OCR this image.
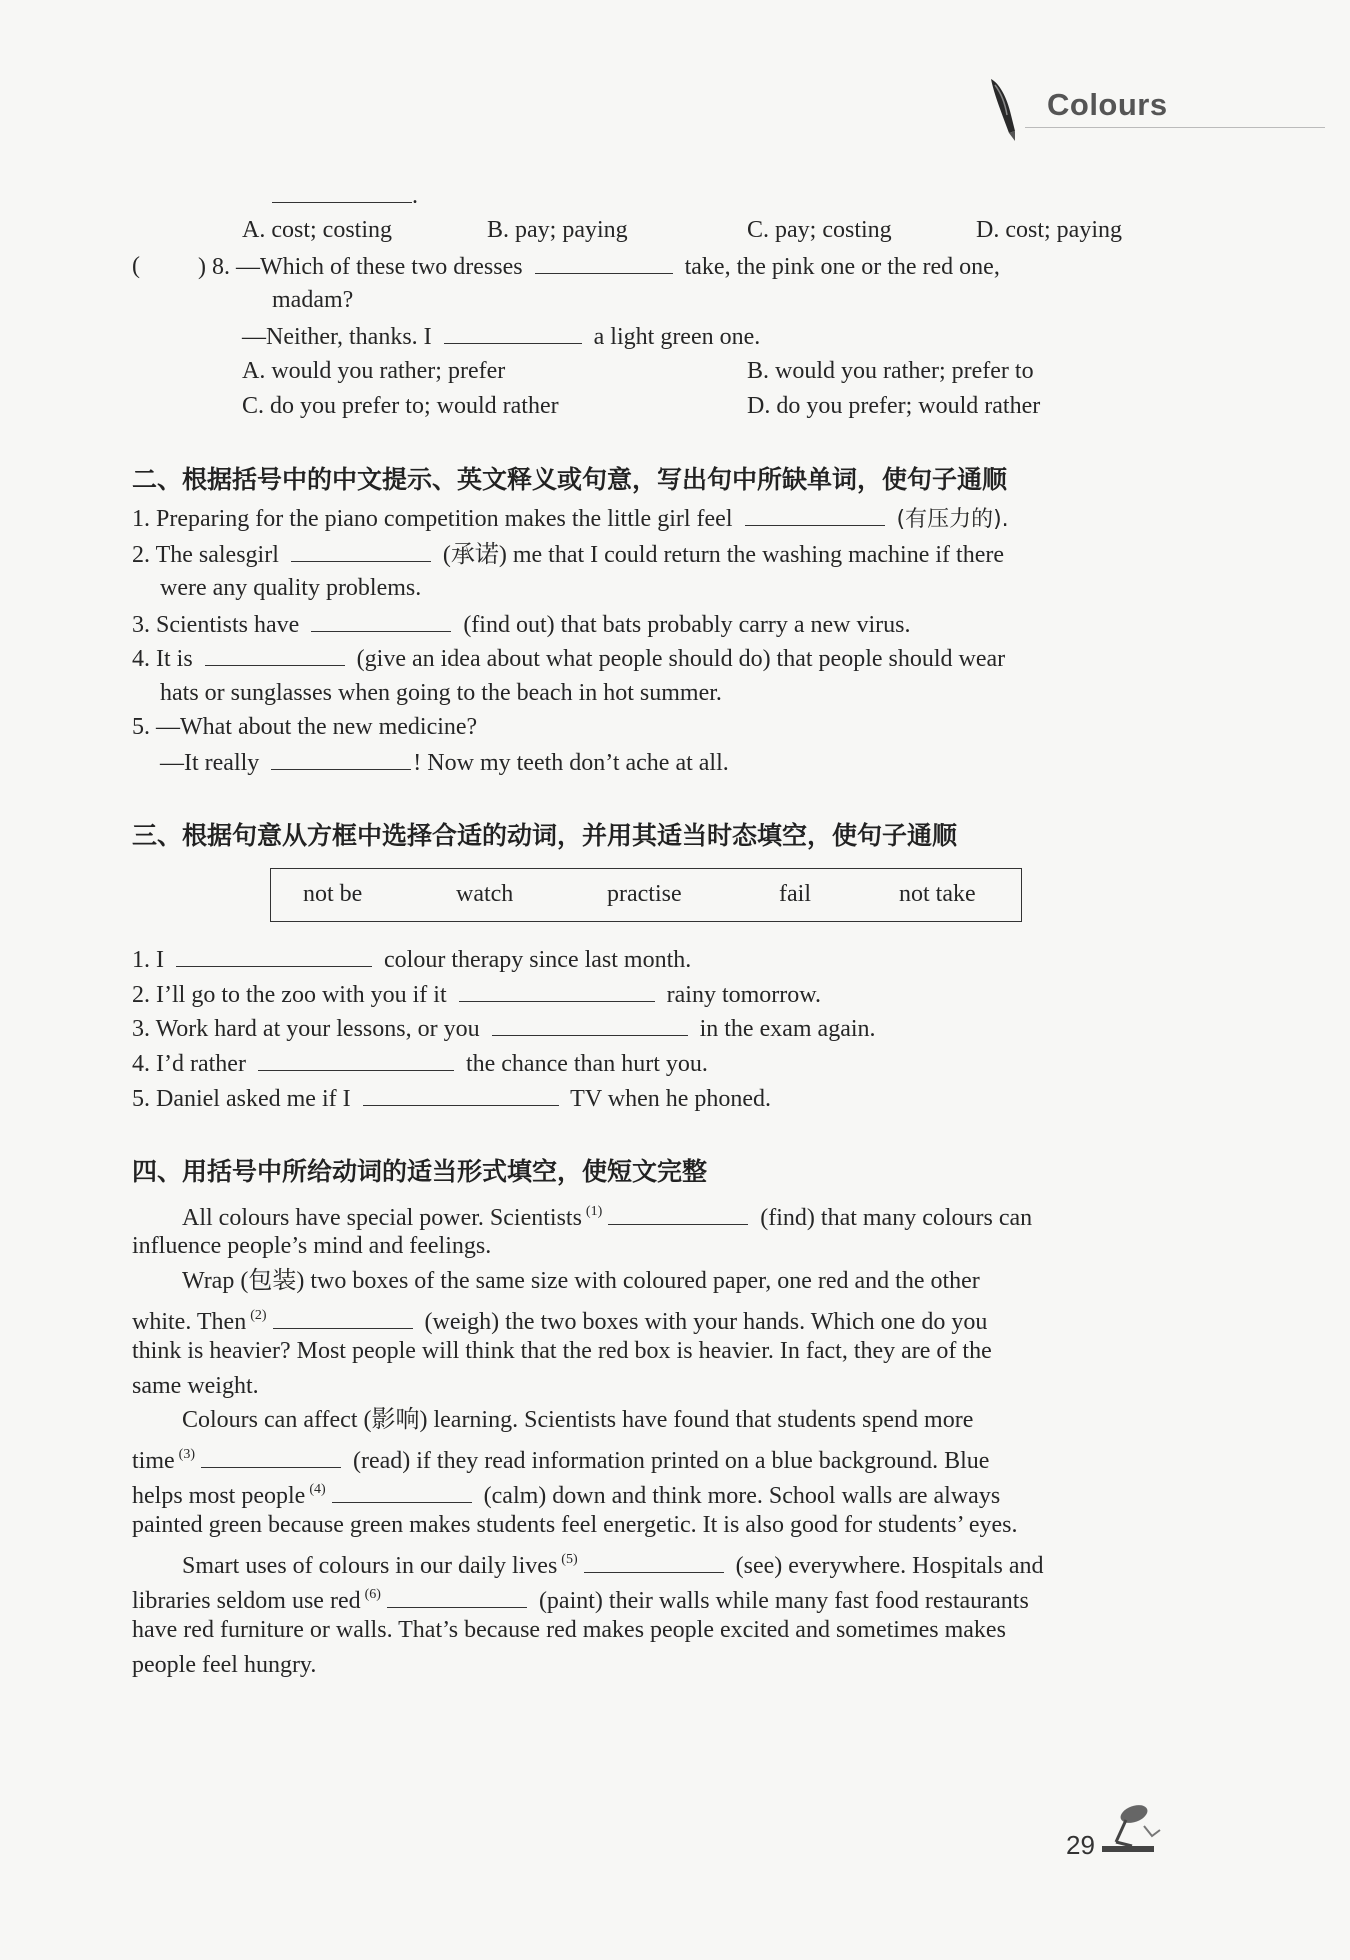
Colours
.
A. cost; costing	B. pay; paying	C. pay; costing	D. cost; paying
( ) 8. —Which of these two dresses	take, the pink one or the red one,
madam?
—Neither, thanks. I	a light green one.
A. would you rather; prefer	B. would you rather; prefer to
C. do you prefer to; would rather	D. do you prefer; would rather
二、根据括号中的中文提示、英文释义或句意，写出句中所缺单词，使句子通顺
1. Preparing for the piano competition makes the little girl feel	(有压力的).
2. The salesgirl	(承诺) me that I could return the washing machine if there
were any quality problems.
3. Scientists have	(find out) that bats probably carry a new virus.
4. It is	(give an idea about what people should do) that people should wear
hats or sunglasses when going to the beach in hot summer.
5. —What about the new medicine?
—It really	! Now my teeth don’t ache at all.
三、根据句意从方框中选择合适的动词，并用其适当时态填空，使句子通顺
not be	watch	practise	fail	not take
1. I	colour therapy since last month.
2. I’ll go to the zoo with you if it	rainy tomorrow.
3. Work hard at your lessons, or you	in the exam again.
4. I’d rather	the chance than hurt you.
5. Daniel asked me if I	TV when he phoned.
四、用括号中所给动词的适当形式填空，使短文完整
All colours have special power. Scientists $^{(1)}$	(find) that many colours can
influence people’s mind and feelings.
Wrap (包装) two boxes of the same size with coloured paper, one red and the other
white. Then $^{(2)}$	(weigh) the two boxes with your hands. Which one do you
think is heavier? Most people will think that the red box is heavier. In fact, they are of the
same weight.
Colours can affect (影响) learning. Scientists have found that students spend more
time $^{(3)}$	(read) if they read information printed on a blue background. Blue
helps most people $^{(4)}$	(calm) down and think more. School walls are always
painted green because green makes students feel energetic. It is also good for students’ eyes.
Smart uses of colours in our daily lives $^{(5)}$	(see) everywhere. Hospitals and
libraries seldom use red $^{(6)}$	(paint) their walls while many fast food restaurants
have red furniture or walls. That’s because red makes people excited and sometimes makes
people feel hungry.
29
